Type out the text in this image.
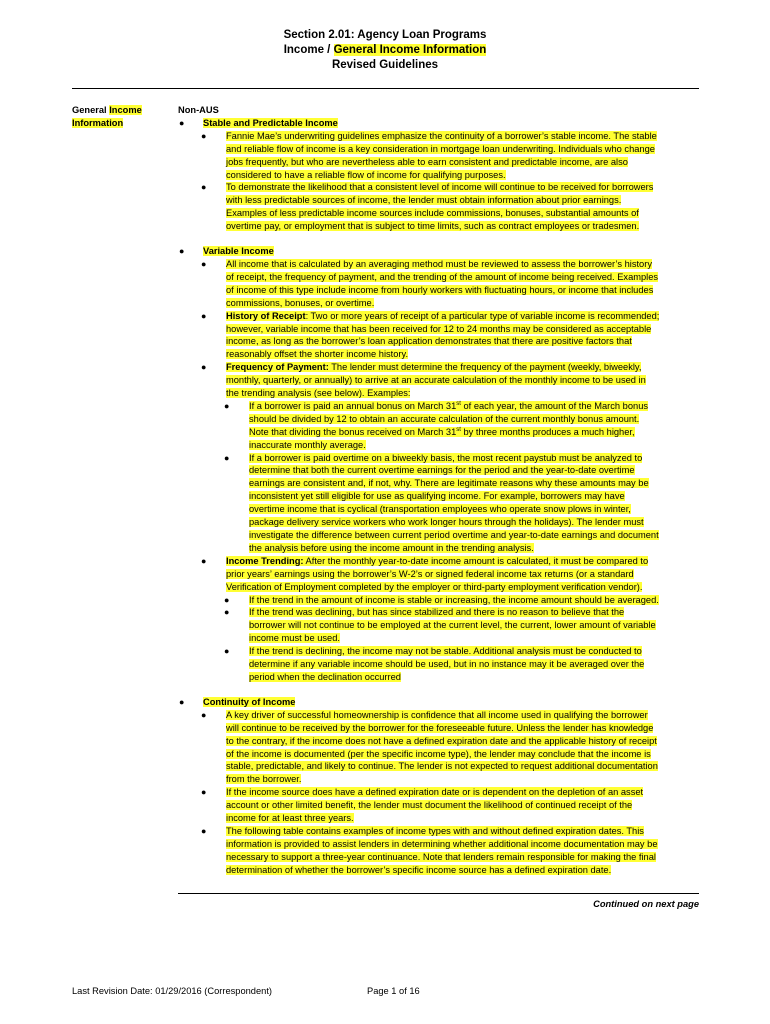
Section 2.01: Agency Loan Programs
Income / General Income Information
Revised Guidelines
General Income
Information
Non-AUS
● Stable and Predictable Income
● Fannie Mae’s underwriting guidelines emphasize the continuity of a borrower’s stable income. The stable and reliable flow of income is a key consideration in mortgage loan underwriting. Individuals who change jobs frequently, but who are nevertheless able to earn consistent and predictable income, are also considered to have a reliable flow of income for qualifying purposes.
● To demonstrate the likelihood that a consistent level of income will continue to be received for borrowers with less predictable sources of income, the lender must obtain information about prior earnings. Examples of less predictable income sources include commissions, bonuses, substantial amounts of overtime pay, or employment that is subject to time limits, such as contract employees or tradesmen.
● Variable Income
● All income that is calculated by an averaging method must be reviewed to assess the borrower’s history of receipt, the frequency of payment, and the trending of the amount of income being received. Examples of income of this type include income from hourly workers with fluctuating hours, or income that includes commissions, bonuses, or overtime.
● History of Receipt: Two or more years of receipt of a particular type of variable income is recommended; however, variable income that has been received for 12 to 24 months may be considered as acceptable income, as long as the borrower’s loan application demonstrates that there are positive factors that reasonably offset the shorter income history.
● Frequency of Payment: The lender must determine the frequency of the payment (weekly, biweekly, monthly, quarterly, or annually) to arrive at an accurate calculation of the monthly income to be used in the trending analysis (see below). Examples:
● If a borrower is paid an annual bonus on March 31st of each year, the amount of the March bonus should be divided by 12 to obtain an accurate calculation of the current monthly bonus amount. Note that dividing the bonus received on March 31st by three months produces a much higher, inaccurate monthly average.
● If a borrower is paid overtime on a biweekly basis, the most recent paystub must be analyzed to determine that both the current overtime earnings for the period and the year-to-date overtime earnings are consistent and, if not, why. There are legitimate reasons why these amounts may be inconsistent yet still eligible for use as qualifying income. For example, borrowers may have overtime income that is cyclical (transportation employees who operate snow plows in winter, package delivery service workers who work longer hours through the holidays). The lender must investigate the difference between current period overtime and year-to-date earnings and document the analysis before using the income amount in the trending analysis.
● Income Trending: After the monthly year-to-date income amount is calculated, it must be compared to prior years’ earnings using the borrower’s W-2’s or signed federal income tax returns (or a standard Verification of Employment completed by the employer or third-party employment verification vendor).
● If the trend in the amount of income is stable or increasing, the income amount should be averaged.
● If the trend was declining, but has since stabilized and there is no reason to believe that the borrower will not continue to be employed at the current level, the current, lower amount of variable income must be used.
● If the trend is declining, the income may not be stable. Additional analysis must be conducted to determine if any variable income should be used, but in no instance may it be averaged over the period when the declination occurred
● Continuity of Income
● A key driver of successful homeownership is confidence that all income used in qualifying the borrower will continue to be received by the borrower for the foreseeable future. Unless the lender has knowledge to the contrary, if the income does not have a defined expiration date and the applicable history of receipt of the income is documented (per the specific income type), the lender may conclude that the income is stable, predictable, and likely to continue. The lender is not expected to request additional documentation from the borrower.
● If the income source does have a defined expiration date or is dependent on the depletion of an asset account or other limited benefit, the lender must document the likelihood of continued receipt of the income for at least three years.
● The following table contains examples of income types with and without defined expiration dates. This information is provided to assist lenders in determining whether additional income documentation may be necessary to support a three-year continuance. Note that lenders remain responsible for making the final determination of whether the borrower’s specific income source has a defined expiration date.
Continued on next page
Last Revision Date: 01/29/2016 (Correspondent)	Page 1 of 16
